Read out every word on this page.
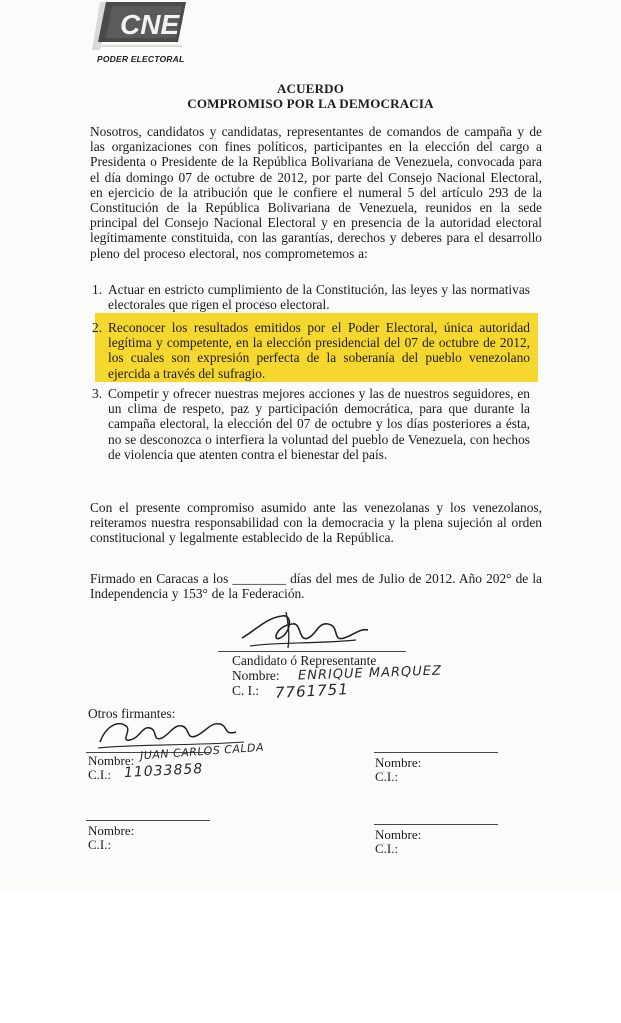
CNE
PODER ELECTORAL
ACUERDO
COMPROMISO POR LA DEMOCRACIA
Nosotros, candidatos y candidatas, representantes de comandos de campaña y de las organizaciones con fines políticos, participantes en la elección del cargo a Presidenta o Presidente de la República Bolivariana de Venezuela, convocada para el día domingo 07 de octubre de 2012, por parte del Consejo Nacional Electoral, en ejercicio de la atribución que le confiere el numeral 5 del artículo 293 de la Constitución de la República Bolivariana de Venezuela, reunidos en la sede principal del Consejo Nacional Electoral y en presencia de la autoridad electoral legítimamente constituida, con las garantías, derechos y deberes para el desarrollo pleno del proceso electoral, nos comprometemos a:
1. Actuar en estricto cumplimiento de la Constitución, las leyes y las normativas electorales que rigen el proceso electoral.
2. Reconocer los resultados emitidos por el Poder Electoral, única autoridad legítima y competente, en la elección presidencial del 07 de octubre de 2012, los cuales son expresión perfecta de la soberanía del pueblo venezolano ejercida a través del sufragio.
3. Competir y ofrecer nuestras mejores acciones y las de nuestros seguidores, en un clima de respeto, paz y participación democrática, para que durante la campaña electoral, la elección del 07 de octubre y los días posteriores a ésta, no se desconozca o interfiera la voluntad del pueblo de Venezuela, con hechos de violencia que atenten contra el bienestar del país.
Con el presente compromiso asumido ante las venezolanas y los venezolanos, reiteramos nuestra responsabilidad con la democracia y la plena sujeción al orden constitucional y legalmente establecido de la República.
Firmado en Caracas a los ________ días del mes de Julio de 2012. Año 202° de la Independencia y 153° de la Federación.
Candidato ó Representante
Nombre: ENRIQUE MARQUEZ
C. I.: 7761751
Otros firmantes:
Nombre: JUAN CARLOS CALDA
C.I.: 11033858	Nombre:
C.I.:
Nombre:
C.I.:
Nombre:
C.I.:
